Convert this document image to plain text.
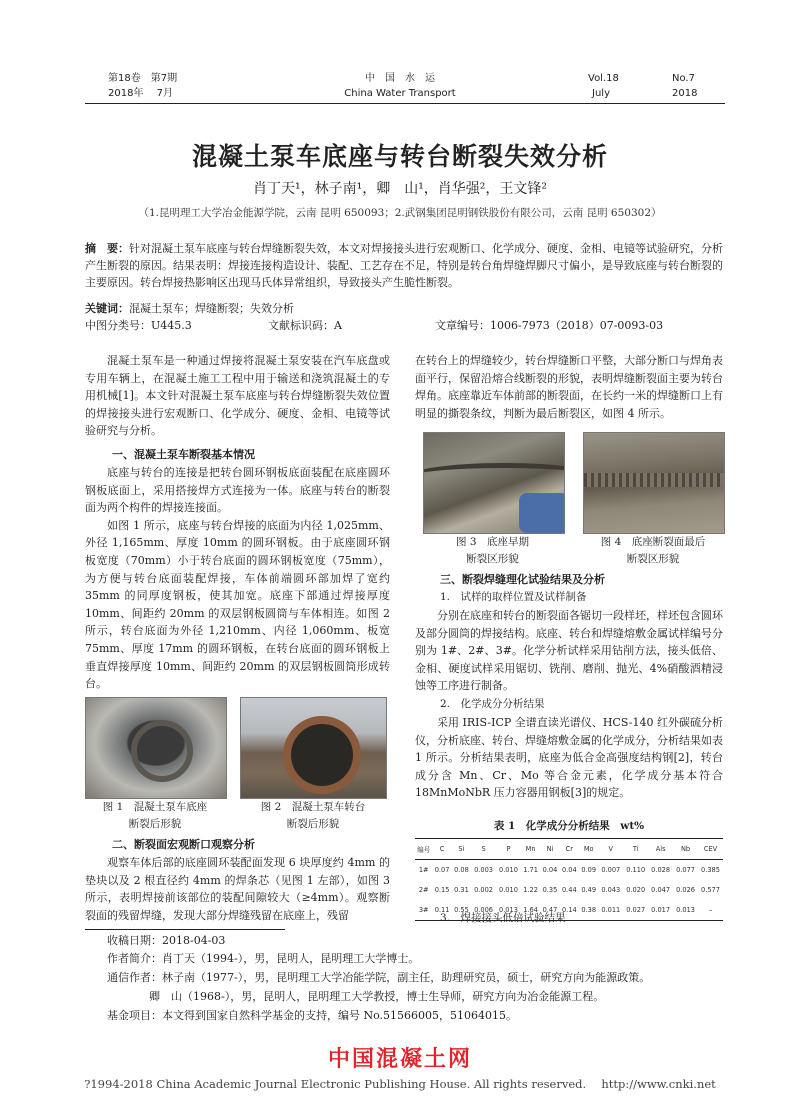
第18卷　第7期
2018年　 7月
中　国　水　运
China Water Transport
Vol.18	No.7
July	2018
混凝土泵车底座与转台断裂失效分析
肖丁天¹，林子南¹，卿　山¹，肖华强²，王文锋²
（1.昆明理工大学冶金能源学院，云南 昆明 650093；2.武钢集团昆明钢铁股份有限公司，云南 昆明 650302）
摘　要：针对混凝土泵车底座与转台焊缝断裂失效，本文对焊接接头进行宏观断口、化学成分、硬度、金相、电镜等试验研究，分析产生断裂的原因。结果表明：焊接连接构造设计、装配、工艺存在不足，特别是转台角焊缝焊脚尺寸偏小，是导致底座与转台断裂的主要原因。转台焊接热影响区出现马氏体异常组织，导致接头产生脆性断裂。
关键词：混凝土泵车；焊缝断裂；失效分析
中图分类号：U445.3	文献标识码：A	文章编号：1006-7973（2018）07-0093-03

混凝土泵车是一种通过焊接将混凝土泵安装在汽车底盘或专用车辆上，在混凝土施工工程中用于输送和浇筑混凝土的专用机械[1]。本文针对混凝土泵车底座与转台焊缝断裂失效位置的焊接接头进行宏观断口、化学成分、硬度、金相、电镜等试验研究与分析。

一、混凝土泵车断裂基本情况

底座与转台的连接是把转台圆环钢板底面装配在底座圆环钢板底面上，采用搭接焊方式连接为一体。底座与转台的断裂面为两个构件的焊接连接面。

如图 1 所示，底座与转台焊接的底面为内径 1,025mm、外径 1,165mm、厚度 10mm 的圆环钢板。由于底座圆环钢板宽度（70mm）小于转台底面的圆环钢板宽度（75mm），为方便与转台底面装配焊接，车体前端圆环部加焊了宽约 35mm 的同厚度钢板，使其加宽。底座下部通过焊接厚度 10mm、间距约 20mm 的双层钢板圆筒与车体相连。如图 2 所示，转台底面为外径 1,210mm、内径 1,060mm、板宽 75mm、厚度 17mm 的圆环钢板，在转台底面的圆环钢板上垂直焊接厚度 10mm、间距约 20mm 的双层钢板圆筒形成转台。

图 1　混凝土泵车底座
断裂后形貌
图 2　混凝土泵车转台
断裂后形貌
二、断裂面宏观断口观察分析

观察车体后部的底座圆环装配面发现 6 块厚度约 4mm 的垫块以及 2 根直径约 4mm 的焊条芯（见图 1 左部），如图 3 所示，表明焊接前该部位的装配间隙较大（≥4mm）。观察断裂面的残留焊缝，发现大部分焊缝残留在底座上，残留

在转台上的焊缝较少，转台焊缝断口平整，大部分断口与焊角表面平行，保留沿熔合线断裂的形貌，表明焊缝断裂面主要为转台焊角。底座靠近车体前部的断裂面，在长约一米的焊缝断口上有明显的撕裂条纹，判断为最后断裂区，如图 4 所示。

图 3　底座早期
断裂区形貌
图 4　底座断裂面最后
断裂区形貌
三、断裂焊缝理化试验结果及分析
1.　试样的取样位置及试样制备

分别在底座和转台的断裂面各锯切一段样坯，样坯包含圆环及部分圆筒的焊接结构。底座、转台和焊缝熔敷金属试样编号分别为 1#、2#、3#。化学分析试样采用钻削方法，接头低倍、金相、硬度试样采用锯切、铣削、磨削、抛光、4%硝酸酒精浸蚀等工序进行制备。

2.　化学成分分析结果

采用 IRIS-ICP 全谱直读光谱仪、HCS-140 红外碳硫分析仪，分析底座、转台、焊缝熔敷金属的化学成分，分析结果如表 1 所示。分析结果表明，底座为低合金高强度结构钢[2]，转台成分含 Mn、Cr、Mo 等合金元素，化学成分基本符合 18MnMoNbR 压力容器用钢板[3]的规定。

表 1　化学成分分析结果　wt%
编号	C	Si	S	P	Mn	Ni	Cr	Mo	V	Ti	Als	Nb	CEV
1#	0.07	0.08	0.003	0.010	1.71	0.04	0.04	0.09	0.007	0.110	0.028	0.077	0.385
2#	0.15	0.31	0.002	0.010	1.22	0.35	0.44	0.49	0.043	0.020	0.047	0.026	0.577
3#	0.11	0.55	0.006	0.013	1.64	0.47	0.14	0.38	0.011	0.027	0.017	0.013	–
3.　焊接接头低倍试验结果
收稿日期：2018-04-03
作者简介：肖丁天（1994-），男，昆明人，昆明理工大学博士。
通信作者：林子南（1977-），男，昆明理工大学冶能学院，副主任，助理研究员，硕士，研究方向为能源政策。
卿　山（1968-），男，昆明人，昆明理工大学教授，博士生导师，研究方向为冶金能源工程。
基金项目：本文得到国家自然科学基金的支持，编号 No.51566005，51064015。
中国混凝土网
?1994-2018 China Academic Journal Electronic Publishing House. All rights reserved.　 http://www.cnki.net
